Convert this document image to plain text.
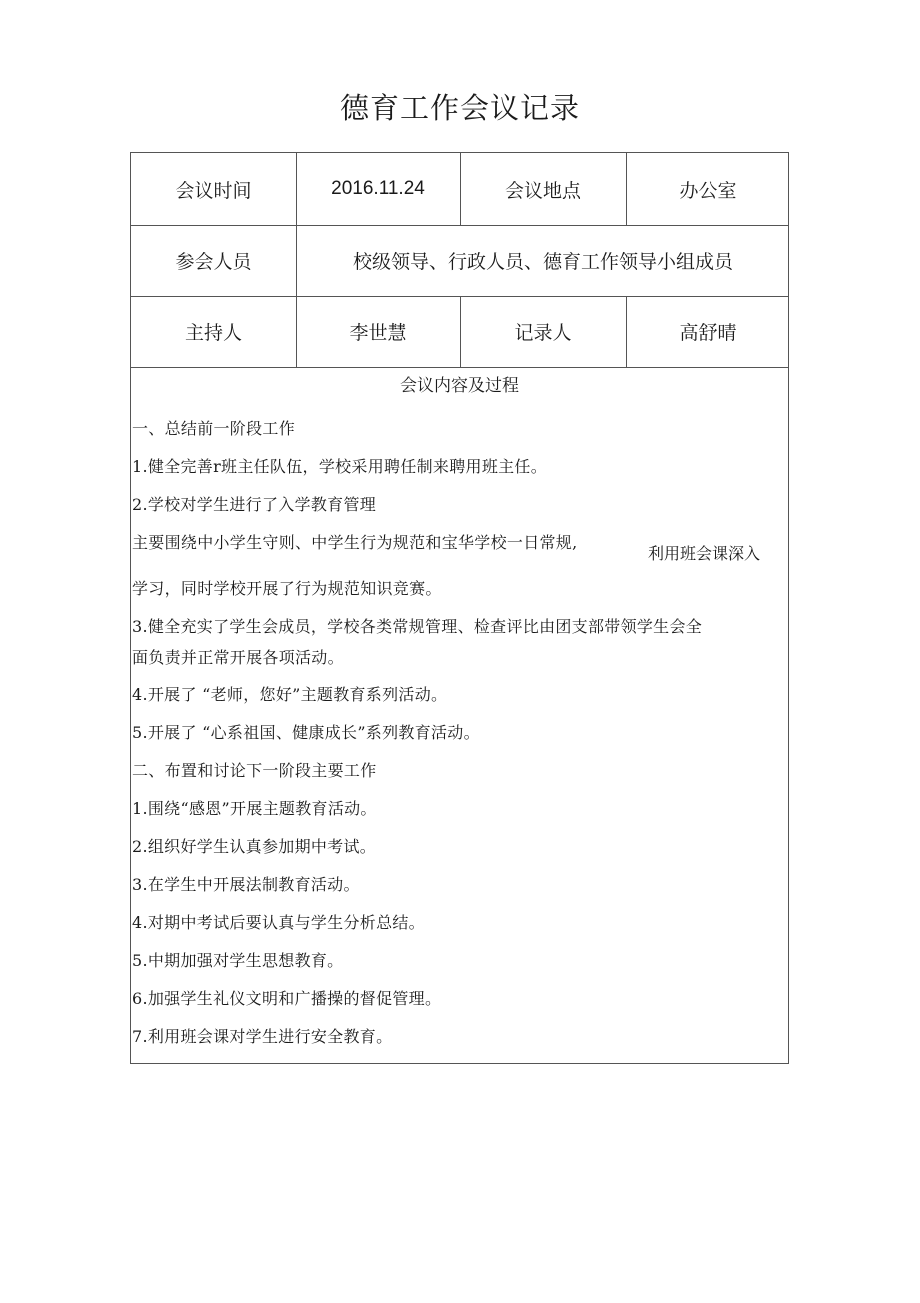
德育工作会议记录
会议时间	2016.11.24	会议地点	办公室
参会人员	校级领导、行政人员、德育工作领导小组成员
主持人	李世慧	记录人	高舒晴
会议内容及过程
一、总结前一阶段工作
1.健全完善r班主任队伍，学校采用聘任制来聘用班主任。
2.学校对学生进行了入学教育管理
主要围绕中小学生守则、中学生行为规范和宝华学校一日常规,
利用班会课深入
学习，同时学校开展了行为规范知识竞赛。
3.健全充实了学生会成员，学校各类常规管理、检查评比由团支部带领学生会全
面负责并正常开展各项活动。
4.开展了 “老师，您好”主题教育系列活动。
5.开展了 “心系祖国、健康成长”系列教育活动。
二、布置和讨论下一阶段主要工作
1.围绕“感恩”开展主题教育活动。
2.组织好学生认真参加期中考试。
3.在学生中开展法制教育活动。
4.对期中考试后要认真与学生分析总结。
5.中期加强对学生思想教育。
6.加强学生礼仪文明和广播操的督促管理。
7.利用班会课对学生进行安全教育。
